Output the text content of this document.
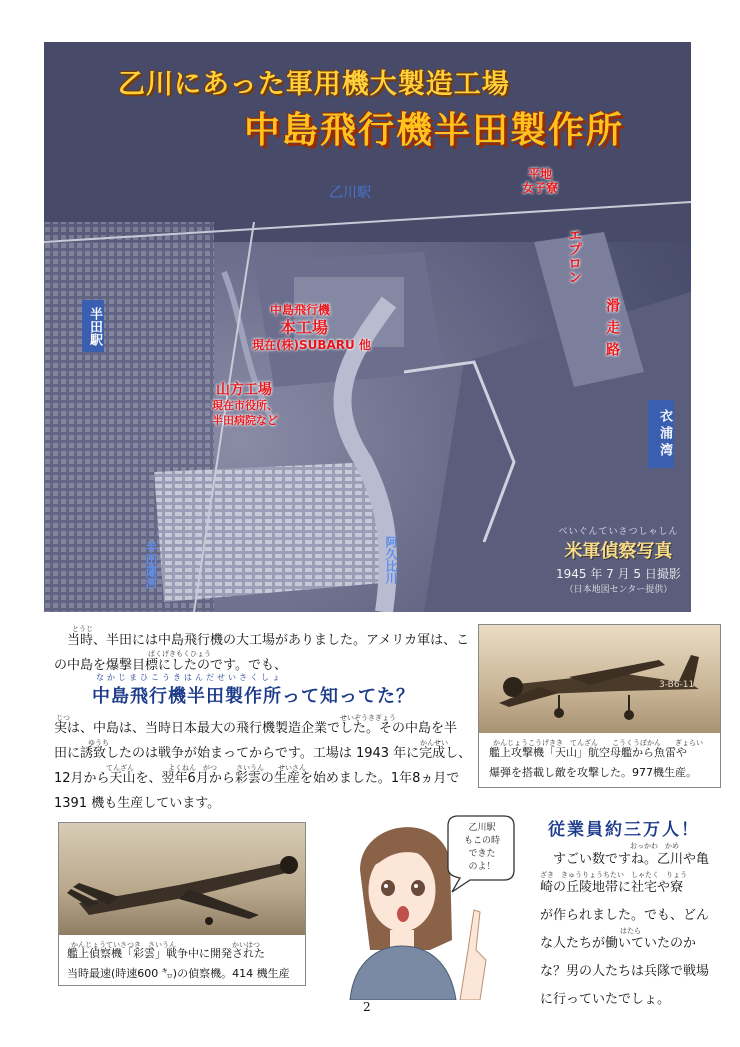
乙川にあった軍用機大製造工場
中島飛行機半田製作所
乙川駅
平地
女子寮
エプロン
滑走路
半田駅	中島飛行機
本工場
現在(株)SUBARU 他
山方工場
現在市役所、
半田病院など	衣浦湾
半田運河	阿久比川
べいぐんていさつしゃしん
米軍偵察写真
1945 年 7 月 5 日撮影
（日本地図センター提供）
とうじ
ばくげきもくひょう
当時、半田には中島飛行機の大工場がありました。アメリカ軍は、こ
の中島を爆撃目標にしたのです。でも、
なかじまひこうきはんだせいさくしょ
中島飛行機半田製作所って知ってた？
じつ	せいぞうきぎょう
ゆうち	かんせい
てんざん	よくねん　がつ	さいうん せいさん
実は、中島は、当時日本最大の飛行機製造企業でした。その中島を半
田に誘致したのは戦争が始まってからです。工場は 1943 年に完成し、
12月から天山を、翌年6月から彩雲の生産を始めました。1年8ヵ月で
1391 機も生産しています。
3-B6-11
かんじょうこうげきき　てんざん　　こうくうぼかん　　ぎょらい
艦上攻撃機「天山」航空母艦から魚雷や
爆弾を搭載し敵を攻撃した。977機生産。
かんじょうていさつき　さいうん　　　　　　　　かいはつ
艦上偵察機「彩雲」戦争中に開発された
当時最速(時速600 ㌔)の偵察機。414 機生産
乙川駅
もこの時
できた
のよ！
従業員約三万人！
おっかわ　かめ
ざき　きゅうりょうちたい　しゃたく　りょう
はたら
すごい数ですね。乙川や亀
崎の丘陵地帯に社宅や寮
が作られました。でも、どん
な人たちが働いていたのか
な？男の人たちは兵隊で戦場
に行っていたでしょ。
2
